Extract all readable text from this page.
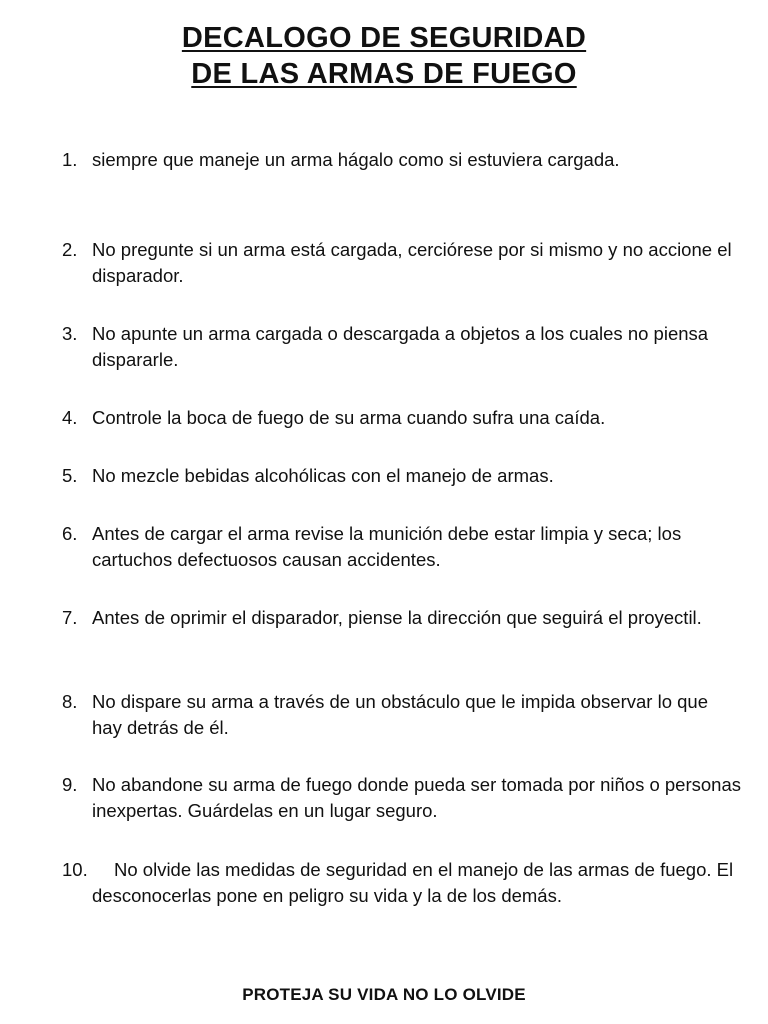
DECALOGO DE SEGURIDAD
DE LAS ARMAS DE FUEGO
1. siempre que maneje un arma hágalo como si estuviera cargada.
2. No pregunte si un arma está cargada, cerciórese por si mismo y no accione el disparador.
3. No apunte un arma cargada o descargada a objetos a los cuales no piensa dispararle.
4. Controle la boca de fuego de su arma cuando sufra una caída.
5. No mezcle bebidas alcohólicas con el manejo de armas.
6. Antes de cargar el arma revise la munición debe estar limpia y seca; los cartuchos defectuosos causan accidentes.
7. Antes de oprimir el disparador, piense la dirección que seguirá el proyectil.
8. No dispare su arma a través de un obstáculo que le impida observar lo que hay detrás de él.
9. No abandone su arma de fuego donde pueda ser tomada por niños o personas inexpertas. Guárdelas en un lugar seguro.
10.	No olvide las medidas de seguridad en el manejo de las armas de fuego. El desconocerlas pone en peligro su vida y la de los demás.
PROTEJA SU VIDA NO LO OLVIDE
